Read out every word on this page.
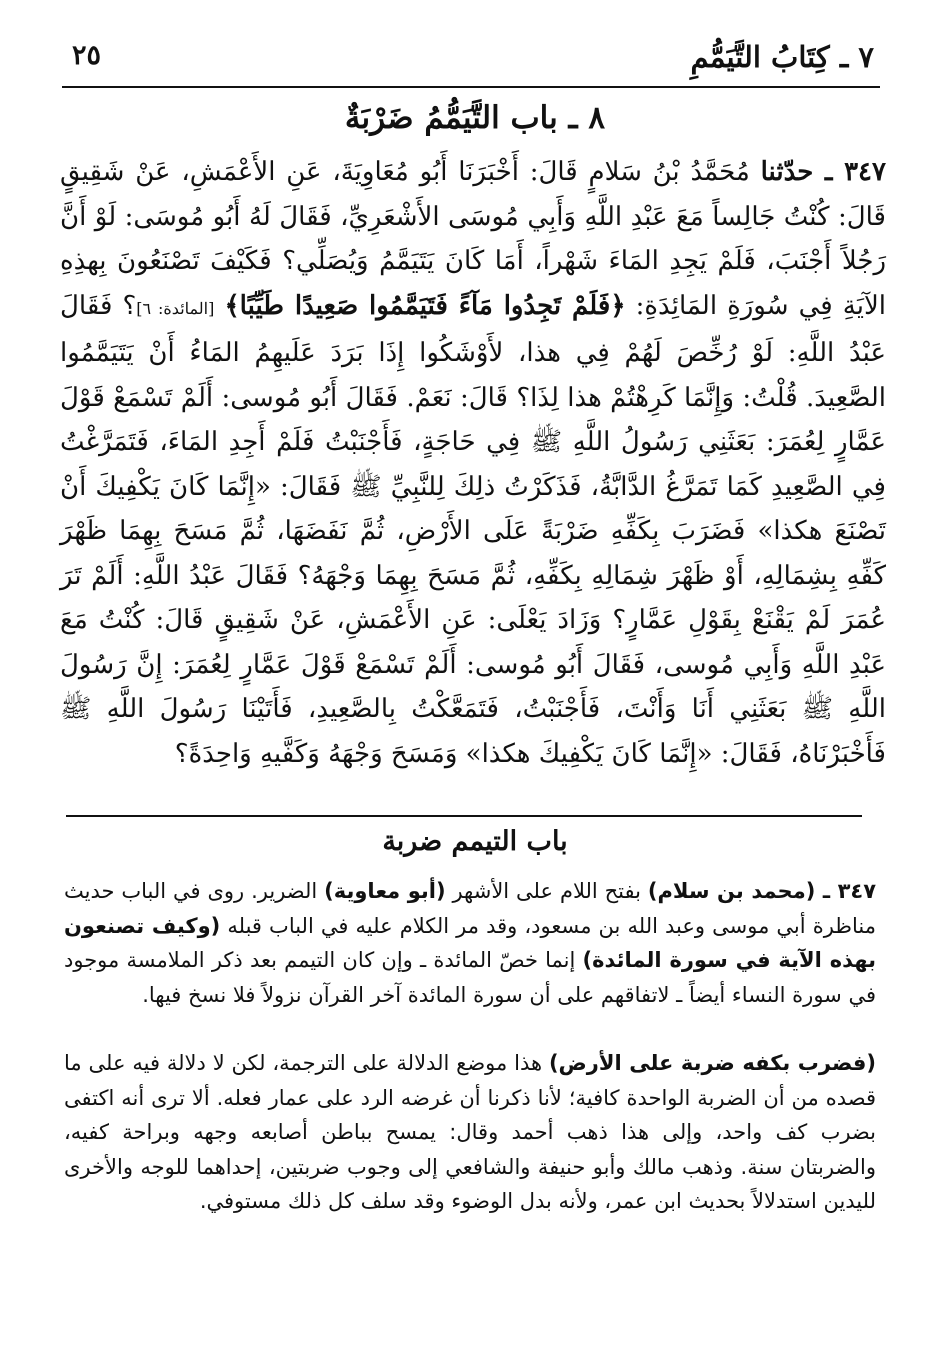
٧ ـ كِتَابُ التَّيَمُّمِ
٢٥
٨ ـ باب التَّيَمُّمُ ضَرْبَةٌ

٣٤٧ ـ حدّثنا مُحَمَّدُ بْنُ سَلامٍ قَالَ: أَخْبَرَنَا أَبُو مُعَاوِيَةَ، عَنِ الأَعْمَشِ، عَنْ شَقِيقٍ قَالَ: كُنْتُ جَالِساً مَعَ عَبْدِ اللَّهِ وَأَبِي مُوسَى الأَشْعَرِيِّ، فَقَالَ لَهُ أَبُو مُوسَى: لَوْ أَنَّ رَجُلاً أَجْنَبَ، فَلَمْ يَجِدِ المَاءَ شَهْراً، أَمَا كَانَ يَتَيَمَّمُ وَيُصَلِّي؟ فَكَيْفَ تَصْنَعُونَ بِهذِهِ الآيَةِ فِي سُورَةِ المَائِدَةِ: ﴿فَلَمْ تَجِدُوا مَآءً فَتَيَمَّمُوا صَعِيدًا طَيِّبًا﴾ [المائدة: ٦]؟ فَقَالَ عَبْدُ اللَّهِ: لَوْ رُخِّصَ لَهُمْ فِي هذا، لأَوْشَكُوا إِذَا بَرَدَ عَلَيهِمُ المَاءُ أَنْ يَتَيَمَّمُوا الصَّعِيدَ. قُلْتُ: وَإِنَّمَا كَرِهْتُمْ هذا لِذَا؟ قَالَ: نَعَمْ. فَقَالَ أَبُو مُوسى: أَلَمْ تَسْمَعْ قَوْلَ عَمَّارٍ لِعُمَرَ: بَعَثَنِي رَسُولُ اللَّهِ ﷺ فِي حَاجَةٍ، فَأَجْنَبْتُ فَلَمْ أَجِدِ المَاءَ، فَتَمَرَّغْتُ فِي الصَّعِيدِ كَمَا تَمَرَّغُ الدَّابَّةُ، فَذَكَرْتُ ذلِكَ لِلنَّبِيِّ ﷺ فَقَالَ: «إِنَّمَا كَانَ يَكْفِيكَ أَنْ تَصْنَعَ هكذا» فَضَرَبَ بِكَفِّهِ ضَرْبَةً عَلَى الأَرْضِ، ثُمَّ نَفَضَهَا، ثُمَّ مَسَحَ بِهِمَا ظَهْرَ كَفِّهِ بِشِمَالِهِ، أَوْ ظَهْرَ شِمَالِهِ بِكَفِّهِ، ثُمَّ مَسَحَ بِهِمَا وَجْهَهُ؟ فَقَالَ عَبْدُ اللَّهِ: أَلَمْ تَرَ عُمَرَ لَمْ يَقْنَعْ بِقَوْلِ عَمَّارٍ؟ وَزَادَ يَعْلَى: عَنِ الأَعْمَشِ، عَنْ شَقِيقٍ قَالَ: كُنْتُ مَعَ عَبْدِ اللَّهِ وَأَبِي مُوسى، فَقَالَ أَبُو مُوسى: أَلَمْ تَسْمَعْ قَوْلَ عَمَّارٍ لِعُمَرَ: إِنَّ رَسُولَ اللَّهِ ﷺ بَعَثَنِي أَنَا وَأَنْتَ، فَأَجْنَبْتُ، فَتَمَعَّكْتُ بِالصَّعِيدِ، فَأَتَيْنَا رَسُولَ اللَّهِ ﷺ فَأَخْبَرْنَاهُ، فَقَالَ: «إِنَّمَا كَانَ يَكْفِيكَ هكذا» وَمَسَحَ وَجْهَهُ وَكَفَّيهِ وَاحِدَةً؟

باب التيمم ضربة

٣٤٧ ـ (محمد بن سلام) بفتح اللام على الأشهر (أبو معاوية) الضرير. روى في الباب حديث مناظرة أبي موسى وعبد الله بن مسعود، وقد مر الكلام عليه في الباب قبله (وكيف تصنعون بهذه الآية في سورة المائدة) إنما خصّ المائدة ـ وإن كان التيمم بعد ذكر الملامسة موجود في سورة النساء أيضاً ـ لاتفاقهم على أن سورة المائدة آخر القرآن نزولاً فلا نسخ فيها.

(فضرب بكفه ضربة على الأرض) هذا موضع الدلالة على الترجمة، لكن لا دلالة فيه على ما قصده من أن الضربة الواحدة كافية؛ لأنا ذكرنا أن غرضه الرد على عمار فعله. ألا ترى أنه اكتفى بضرب كف واحد، وإلى هذا ذهب أحمد وقال: يمسح بباطن أصابعه وجهه وبراحة كفيه، والضربتان سنة. وذهب مالك وأبو حنيفة والشافعي إلى وجوب ضربتين، إحداهما للوجه والأخرى لليدين استدلالاً بحديث ابن عمر، ولأنه بدل الوضوء وقد سلف كل ذلك مستوفي.
